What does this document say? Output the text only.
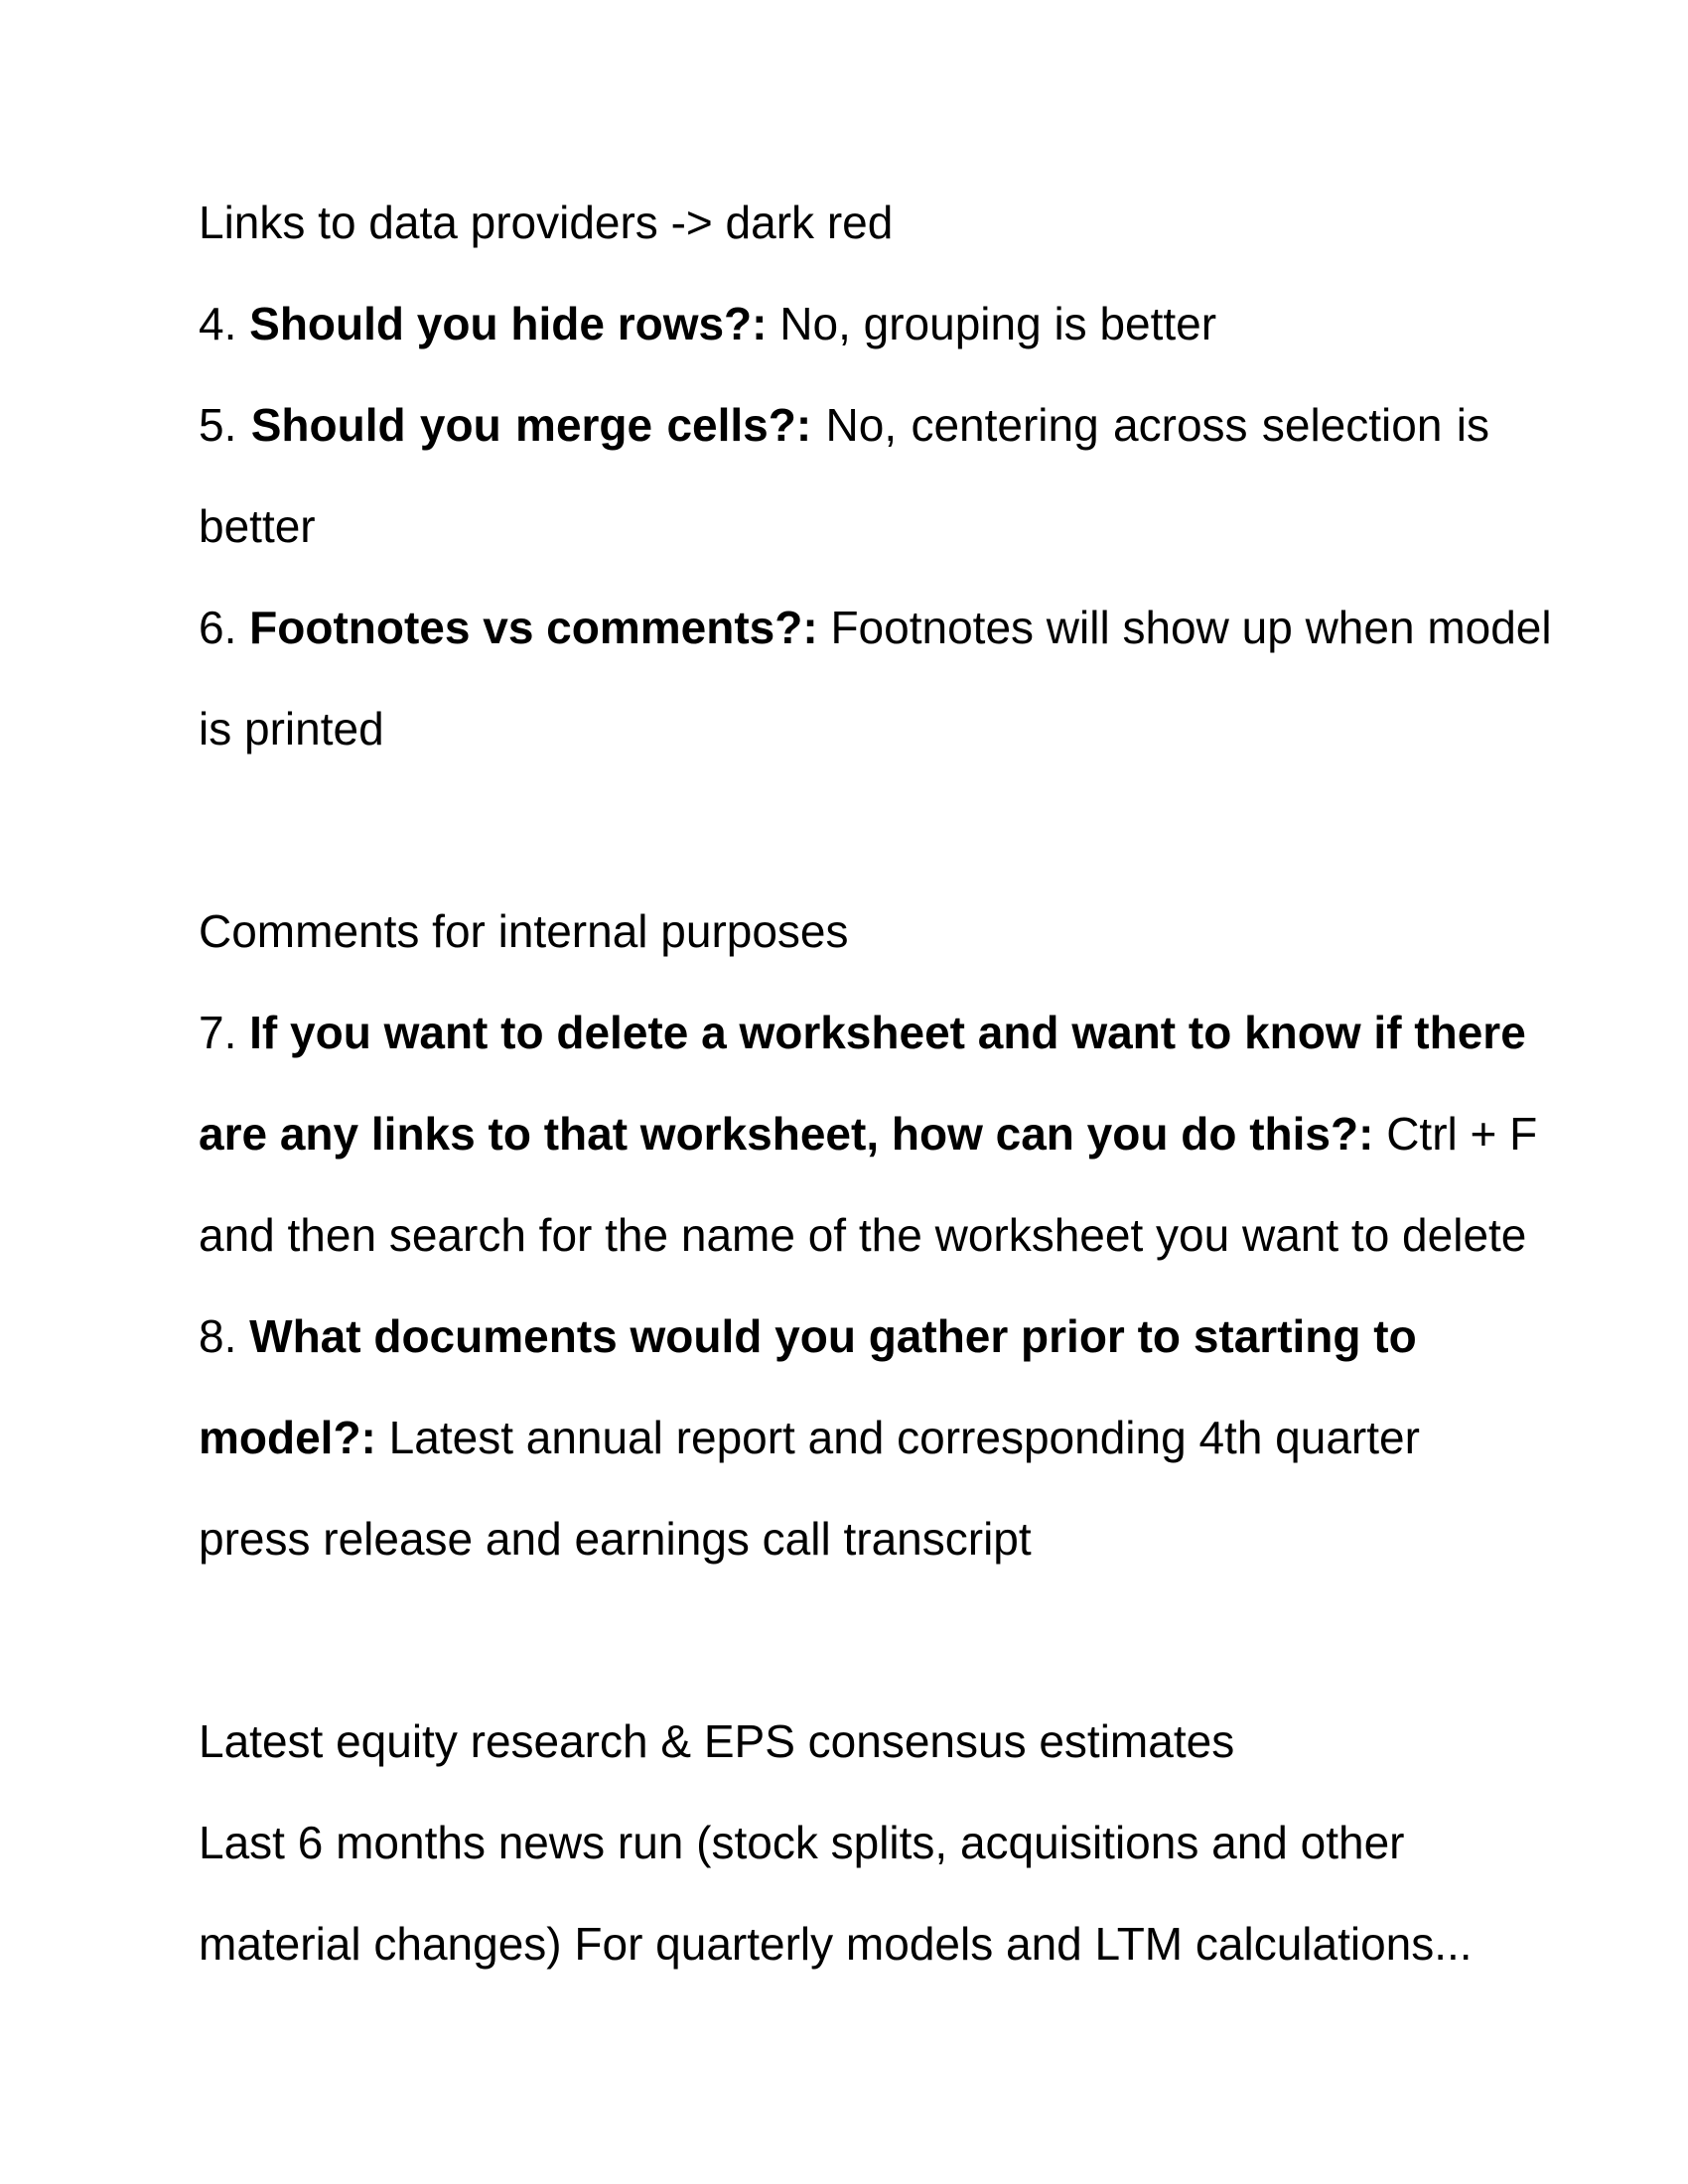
Links to data providers -> dark red
4. Should you hide rows?: No, grouping is better
5. Should you merge cells?: No, centering across selection is
better
6. Footnotes vs comments?: Footnotes will show up when model
is printed
Comments for internal purposes
7. If you want to delete a worksheet and want to know if there
are any links to that worksheet, how can you do this?: Ctrl + F
and then search for the name of the worksheet you want to delete
8. What documents would you gather prior to starting to
model?: Latest annual report and corresponding 4th quarter
press release and earnings call transcript
Latest equity research & EPS consensus estimates
Last 6 months news run (stock splits, acquisitions and other
material changes) For quarterly models and LTM calculations...
